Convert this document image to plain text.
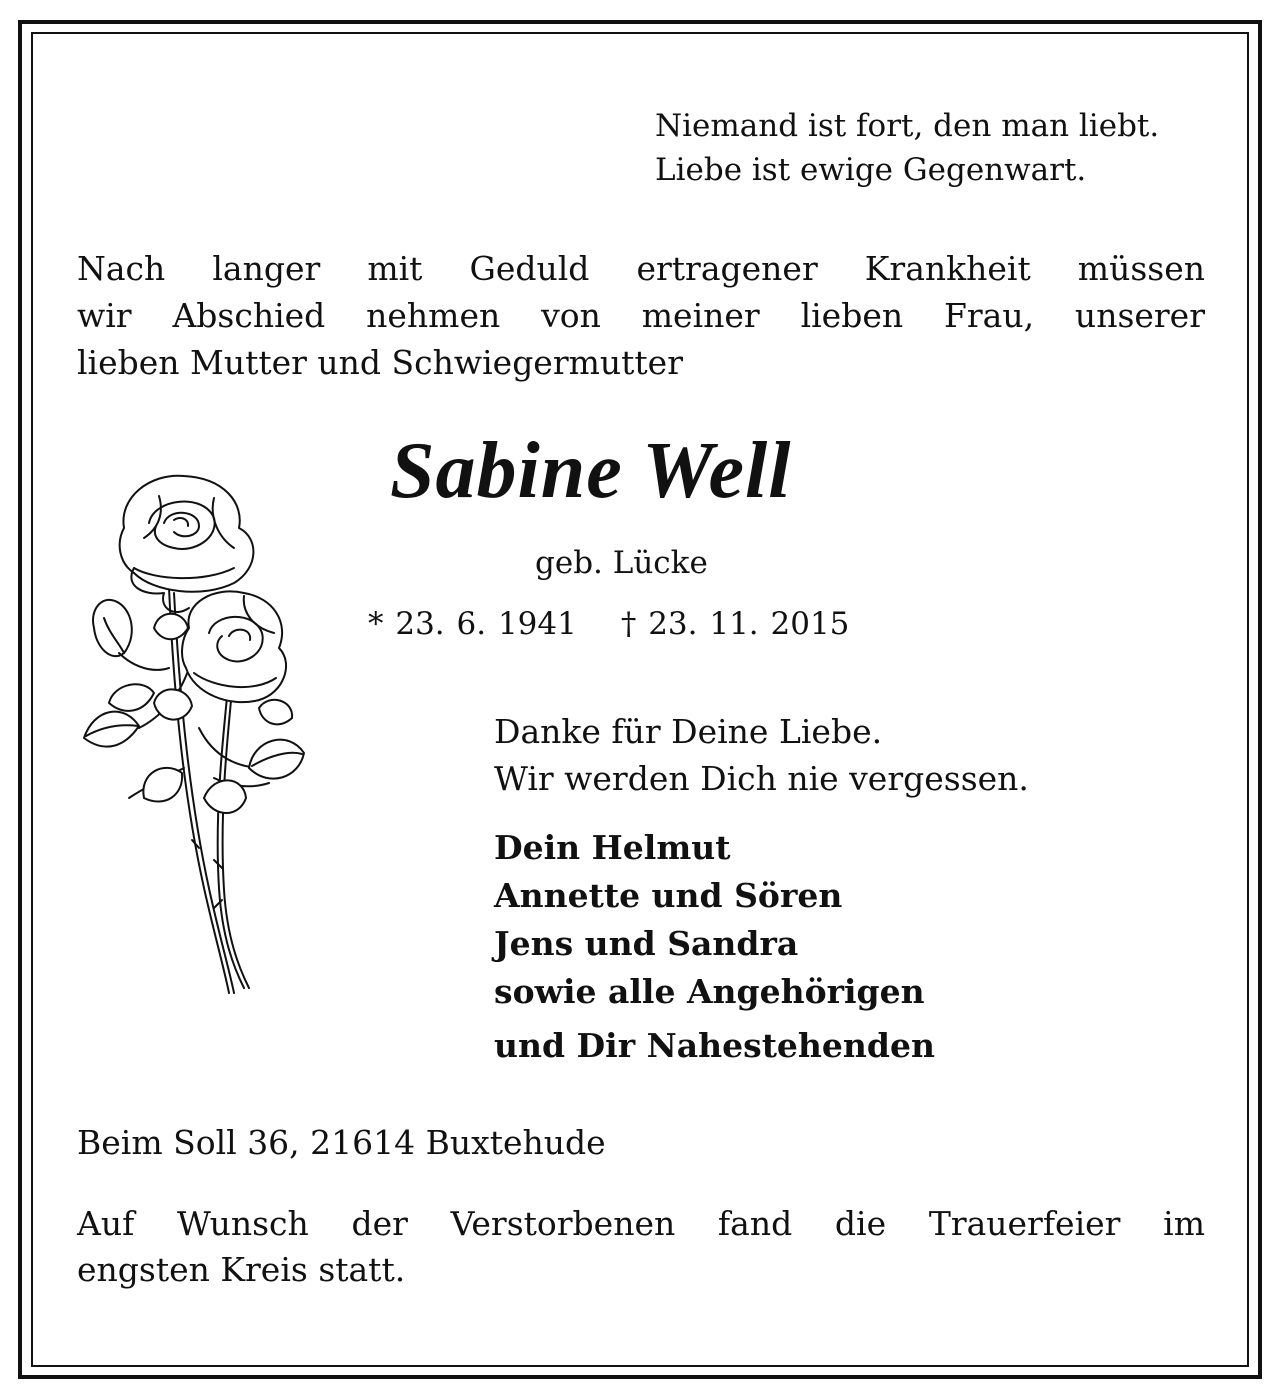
Niemand ist fort, den man liebt.
Liebe ist ewige Gegenwart.
Nach langer mit Geduld ertragener Krankheit müssen
wir Abschied nehmen von meiner lieben Frau, unserer
lieben Mutter und Schwiegermutter
Sabine Well
geb. Lücke
* 23. 6. 1941 † 23. 11. 2015
Danke für Deine Liebe.
Wir werden Dich nie vergessen.
Dein Helmut
Annette und Sören
Jens und Sandra
sowie alle Angehörigen
und Dir Nahestehenden
Beim Soll 36, 21614 Buxtehude
Auf Wunsch der Verstorbenen fand die Trauerfeier im
engsten Kreis statt.
